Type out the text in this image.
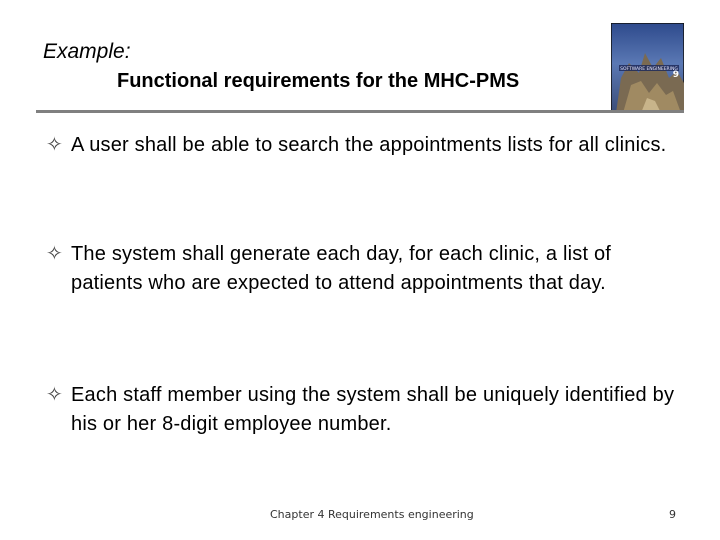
Example:
Functional requirements for the MHC-PMS
SOFTWARE ENGINEERING
9
✧ A user shall be able to search the appointments lists for all clinics.
✧ The system shall generate each day, for each clinic, a list of patients who are expected to attend appointments that day.
✧ Each staff member using the system shall be uniquely identified by his or her 8-digit employee number.
Chapter 4 Requirements engineering	9
